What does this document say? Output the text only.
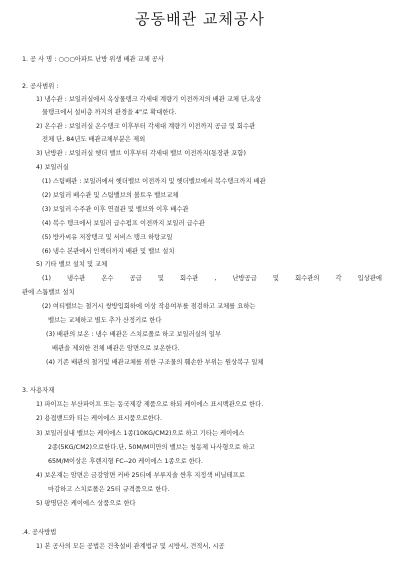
공동배관 교체공사
1. 공 사 명 : ○○○아파트 난방 위생 배관 교체 공사
2. 공사범위 :
1) 냉수관 : 보일러실에서 옥상물탱크 각세대 계량기 이전까지의 배관 교체 단,옥상
물탱크에서 설비층 까지의 관경을 4"로 확대한다.
2) 온수관 : 보일러실 온수탱크 이후부터 각세대 계량기 이전까지 공급 및 회수관
전체 단, 84년도 배관교체부분은 제외
3) 난방관 : 보일러실 헷더 밸브 이후부터 각세대 밸브 이전까지(통장관 포함)
4) 보일러실
(1) 스팀배관 : 보일러에서 헷더밸브 이전까지 및 헷더밸브에서 복수탱크까지 배관
(2) 보일러 배수관 및 스팀밸브의 볼트우 밸브교체
(3) 보일러 수주관 이후 연결관 및 밸브와 이후 배수관
(4) 복수 탱크에서 보일러 급수펌프 이전까지 보일러 급수관
(5) 방카씨유 저장탱크 및 서비스 탱크 하탕코일
(6) 냉수 본관에서 인젝터까지 배관 및 밸브 설치
5) 기타 밸브 설치 및 교체
(1) 냉수관 온수 공급 및 회수관 , 난방공급 및 회수관의 각 입상관에
관에 스톱밸브 설치
(2) 여티밸브는 철거시 쌍방입회하에 이상 작용여부를 점검하고 교체를 요하는
밸브는 교체하고 별도 추가 산정키로 한다
(3) 배관의 보온 : 냉수 배관은 스치로폴로 하고 보일러실의 일부
배관을 제외한 전체 배관은 암면으로 보온한다.
(4) 기존 배관의 철거및 배관교체를 위한 구조물의 훼손한 부위는 원상복구 일체
3. 사용자재
1) 파이프는 부산파이프 또는 동국제강 제품으로 하되 케이에스 표시백관으로 한다.
2) 용접밴드와 티는 케이에스 표시품으로한다.
3) 보일러실내 밸브는 케이에스 1종(10KG/CM2)으로 하고 기타는 케이에스
2종(5KG/CM2)으로한다.단, 50M/M미만의 밸브는 청동제 나사형으로 하고
65M/M이상은 후렌지형 FC--20 케이에스 1종으로 한다.
4) 보온재는 암면은 금강암면 커바 25티에 부루지솔 싼후 지정색 비닐테프로
마감하고 스치로폴은 25티 규격품으로 한다.
5) 팡명단은 케이에스 상품으로 한다
.4. 공사방법
1) 본 공사의 모든 공법은 건축설비 관계법규 및 시방서, 견적서, 시공
